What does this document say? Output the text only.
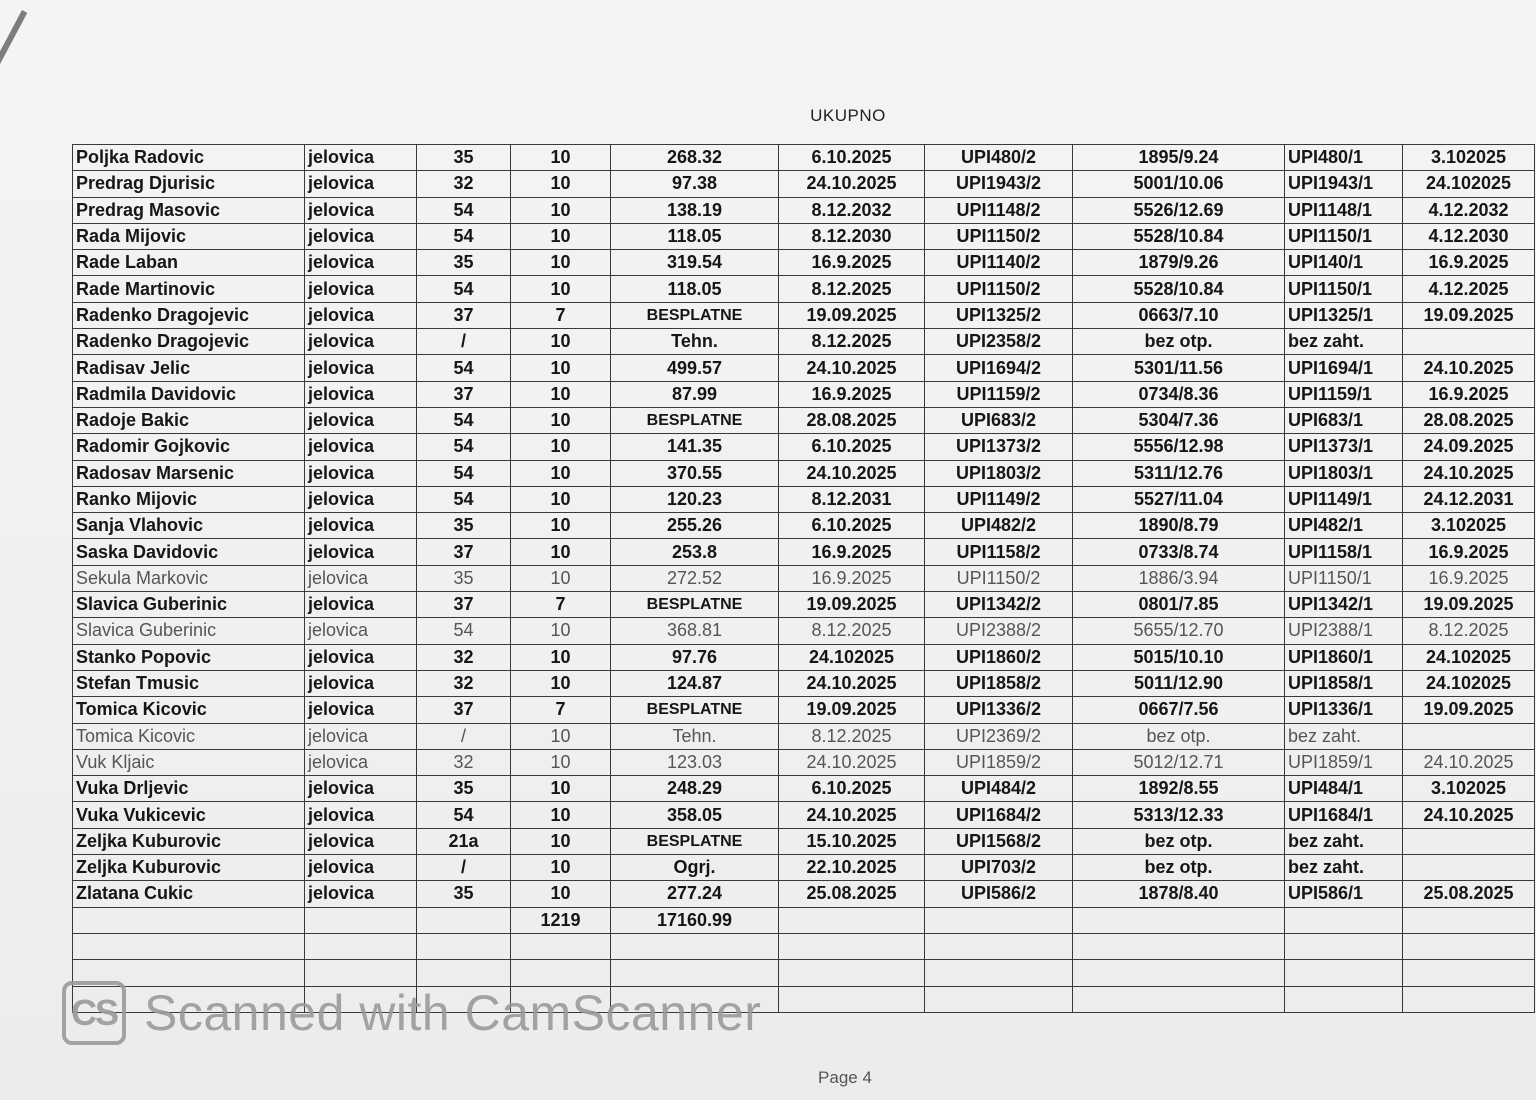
UKUPNO
Poljka Radovic	jelovica	35	10	268.32	6.10.2025	UPI480/2	1895/9.24	UPI480/1	3.102025
Predrag Djurisic	jelovica	32	10	97.38	24.10.2025	UPI1943/2	5001/10.06	UPI1943/1	24.102025
Predrag Masovic	jelovica	54	10	138.19	8.12.2032	UPI1148/2	5526/12.69	UPI1148/1	4.12.2032
Rada Mijovic	jelovica	54	10	118.05	8.12.2030	UPI1150/2	5528/10.84	UPI1150/1	4.12.2030
Rade Laban	jelovica	35	10	319.54	16.9.2025	UPI1140/2	1879/9.26	UPI140/1	16.9.2025
Rade Martinovic	jelovica	54	10	118.05	8.12.2025	UPI1150/2	5528/10.84	UPI1150/1	4.12.2025
Radenko Dragojevic	jelovica	37	7	BESPLATNE	19.09.2025	UPI1325/2	0663/7.10	UPI1325/1	19.09.2025
Radenko Dragojevic	jelovica	/	10	Tehn.	8.12.2025	UPI2358/2	bez otp.	bez zaht.	
Radisav Jelic	jelovica	54	10	499.57	24.10.2025	UPI1694/2	5301/11.56	UPI1694/1	24.10.2025
Radmila Davidovic	jelovica	37	10	87.99	16.9.2025	UPI1159/2	0734/8.36	UPI1159/1	16.9.2025
Radoje Bakic	jelovica	54	10	BESPLATNE	28.08.2025	UPI683/2	5304/7.36	UPI683/1	28.08.2025
Radomir Gojkovic	jelovica	54	10	141.35	6.10.2025	UPI1373/2	5556/12.98	UPI1373/1	24.09.2025
Radosav Marsenic	jelovica	54	10	370.55	24.10.2025	UPI1803/2	5311/12.76	UPI1803/1	24.10.2025
Ranko Mijovic	jelovica	54	10	120.23	8.12.2031	UPI1149/2	5527/11.04	UPI1149/1	24.12.2031
Sanja Vlahovic	jelovica	35	10	255.26	6.10.2025	UPI482/2	1890/8.79	UPI482/1	3.102025
Saska Davidovic	jelovica	37	10	253.8	16.9.2025	UPI1158/2	0733/8.74	UPI1158/1	16.9.2025
Sekula Markovic	jelovica	35	10	272.52	16.9.2025	UPI1150/2	1886/3.94	UPI1150/1	16.9.2025
Slavica Guberinic	jelovica	37	7	BESPLATNE	19.09.2025	UPI1342/2	0801/7.85	UPI1342/1	19.09.2025
Slavica Guberinic	jelovica	54	10	368.81	8.12.2025	UPI2388/2	5655/12.70	UPI2388/1	8.12.2025
Stanko Popovic	jelovica	32	10	97.76	24.102025	UPI1860/2	5015/10.10	UPI1860/1	24.102025
Stefan Tmusic	jelovica	32	10	124.87	24.10.2025	UPI1858/2	5011/12.90	UPI1858/1	24.102025
Tomica Kicovic	jelovica	37	7	BESPLATNE	19.09.2025	UPI1336/2	0667/7.56	UPI1336/1	19.09.2025
Tomica Kicovic	jelovica	/	10	Tehn.	8.12.2025	UPI2369/2	bez otp.	bez zaht.	
Vuk Kljaic	jelovica	32	10	123.03	24.10.2025	UPI1859/2	5012/12.71	UPI1859/1	24.10.2025
Vuka Drljevic	jelovica	35	10	248.29	6.10.2025	UPI484/2	1892/8.55	UPI484/1	3.102025
Vuka Vukicevic	jelovica	54	10	358.05	24.10.2025	UPI1684/2	5313/12.33	UPI1684/1	24.10.2025
Zeljka Kuburovic	jelovica	21a	10	BESPLATNE	15.10.2025	UPI1568/2	bez otp.	bez zaht.	
Zeljka Kuburovic	jelovica	/	10	Ogrj.	22.10.2025	UPI703/2	bez otp.	bez zaht.	
Zlatana Cukic	jelovica	35	10	277.24	25.08.2025	UPI586/2	1878/8.40	UPI586/1	25.08.2025
			1219	17160.99					

CS Scanned with CamScanner
Page 4
